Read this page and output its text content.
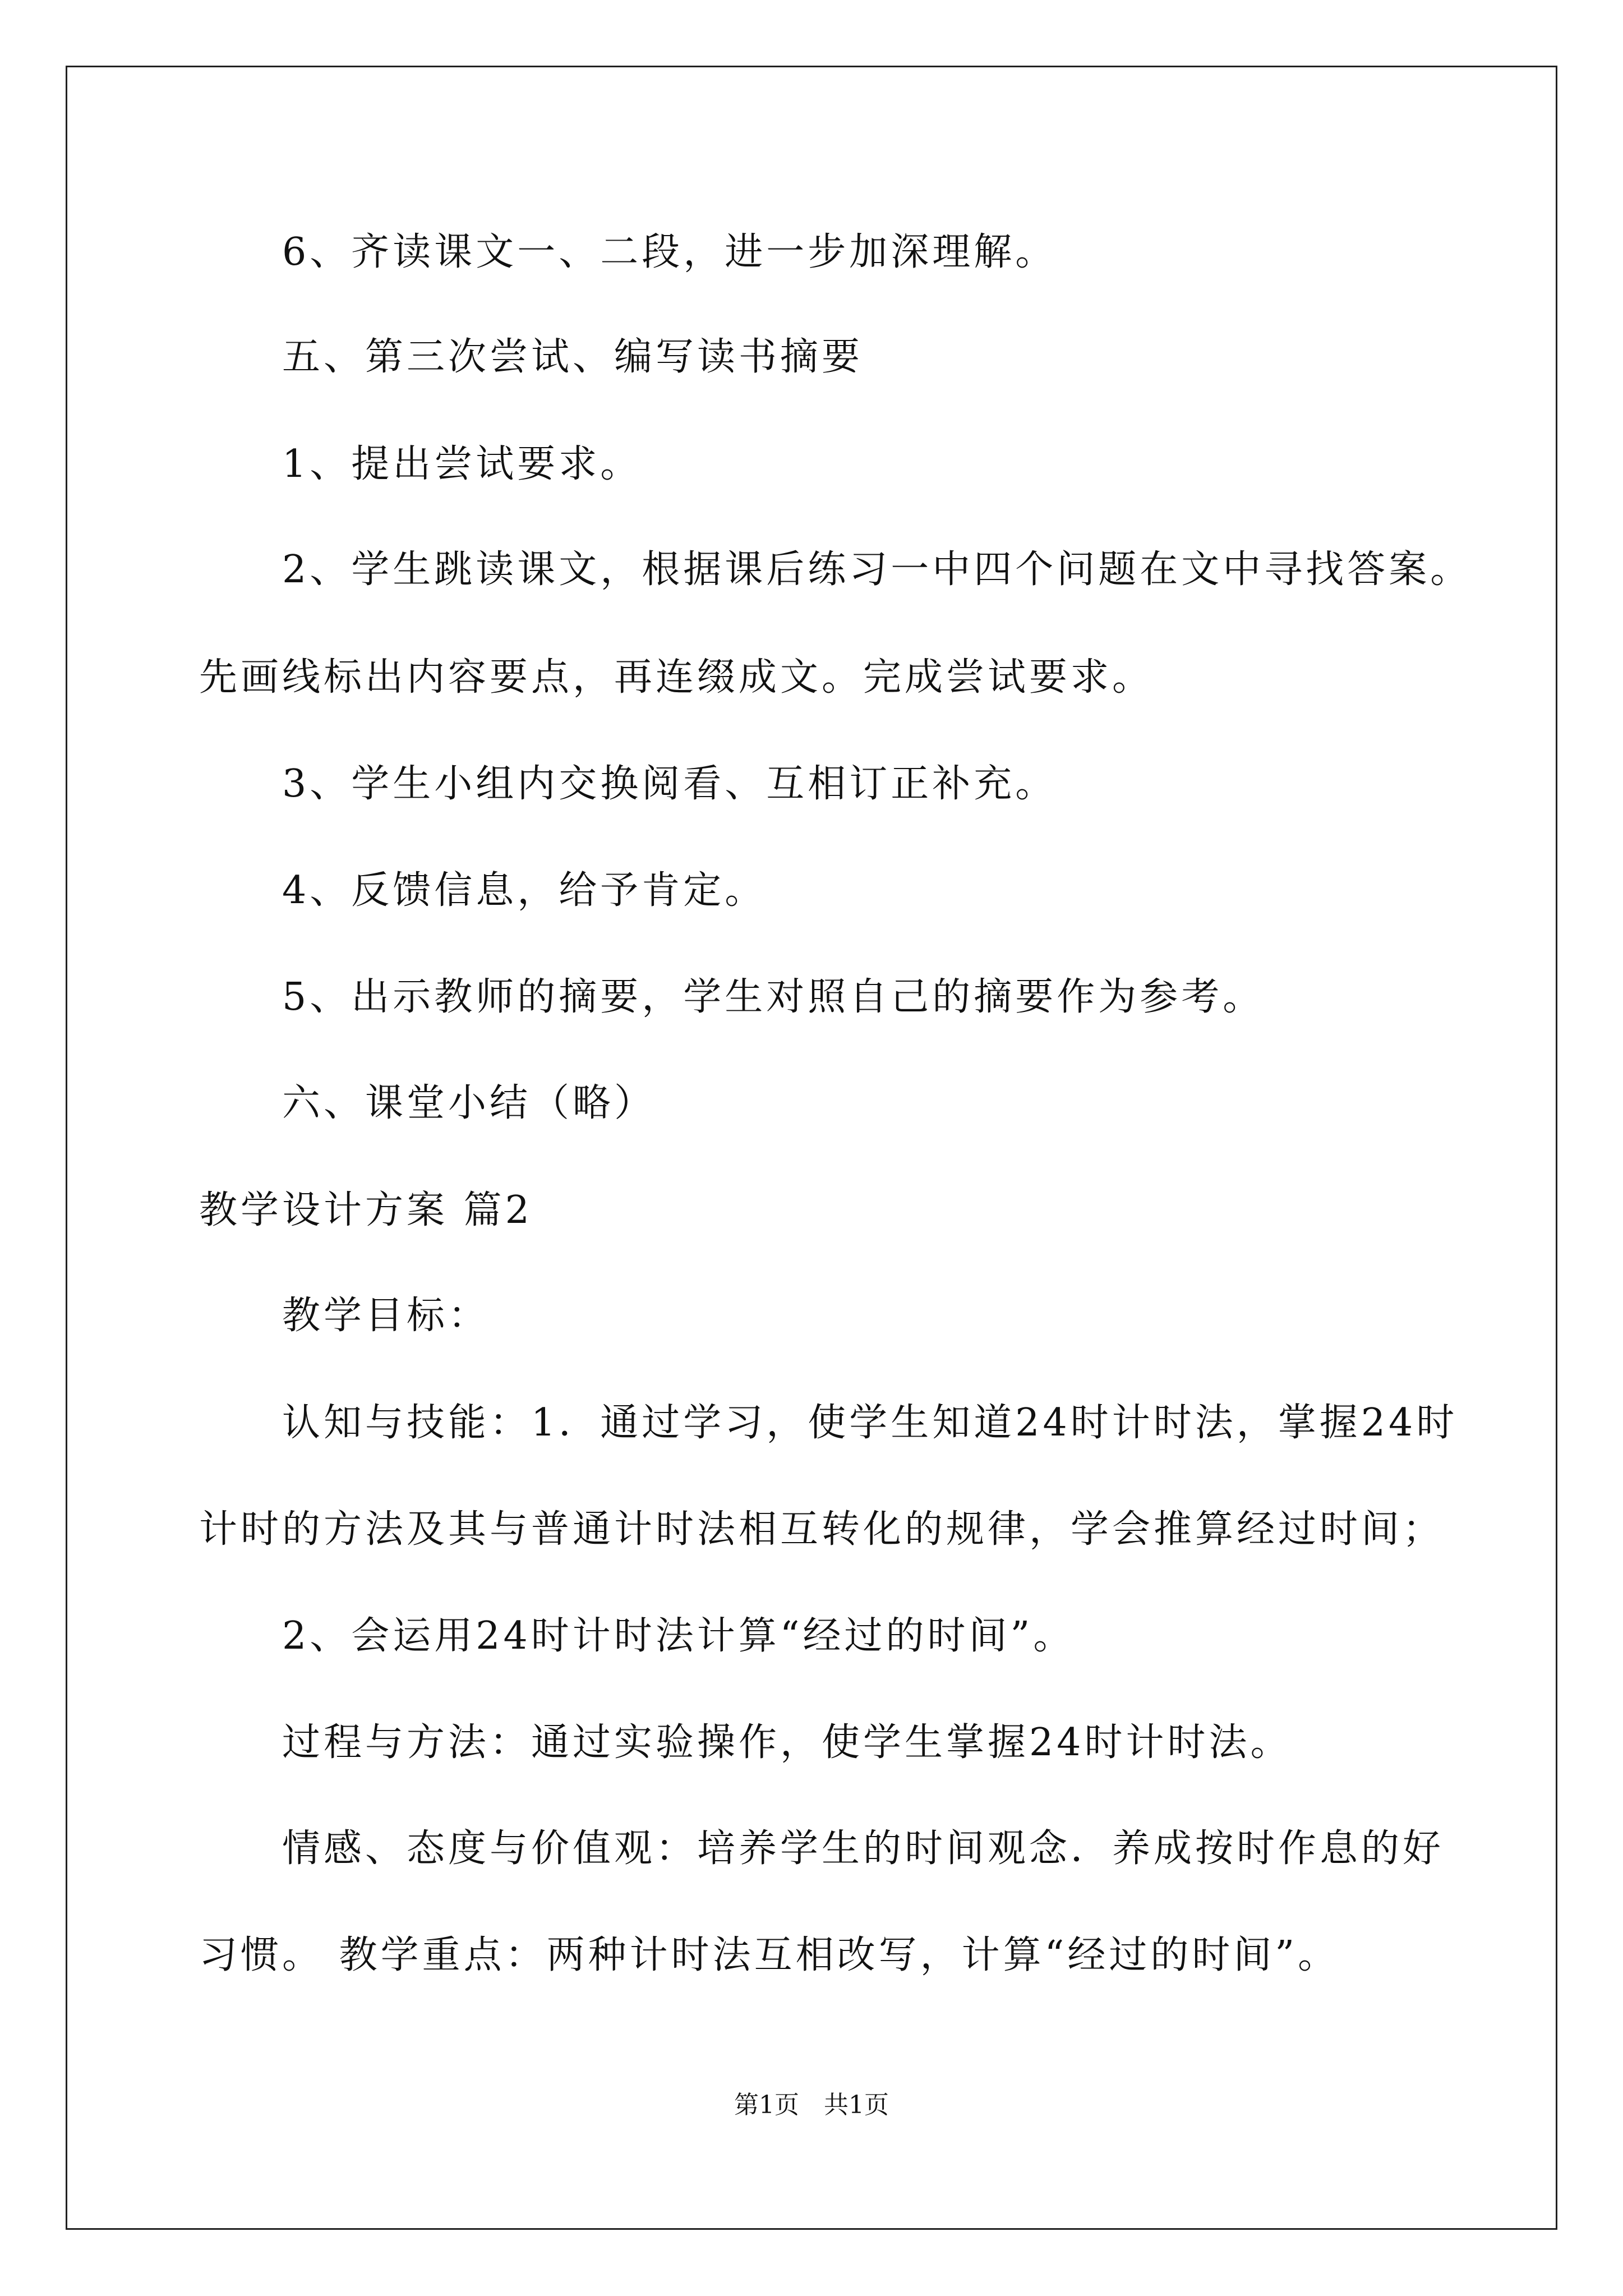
6、齐读课文一、二段，进一步加深理解。
五、第三次尝试、编写读书摘要
1、提出尝试要求。
2、学生跳读课文，根据课后练习一中四个问题在文中寻找答案。
先画线标出内容要点，再连缀成文。完成尝试要求。
3、学生小组内交换阅看、互相订正补充。
4、反馈信息，给予肯定。
5、出示教师的摘要，学生对照自己的摘要作为参考。
六、课堂小结（略）
教学设计方案 篇2
教学目标：
认知与技能：1．通过学习，使学生知道24时计时法，掌握24时
计时的方法及其与普通计时法相互转化的规律，学会推算经过时间；
2、会运用24时计时法计算“经过的时间”。
过程与方法：通过实验操作，使学生掌握24时计时法。
情感、态度与价值观：培养学生的时间观念．养成按时作息的好
习惯。 教学重点：两种计时法互相改写，计算“经过的时间”。
第1页　共1页
